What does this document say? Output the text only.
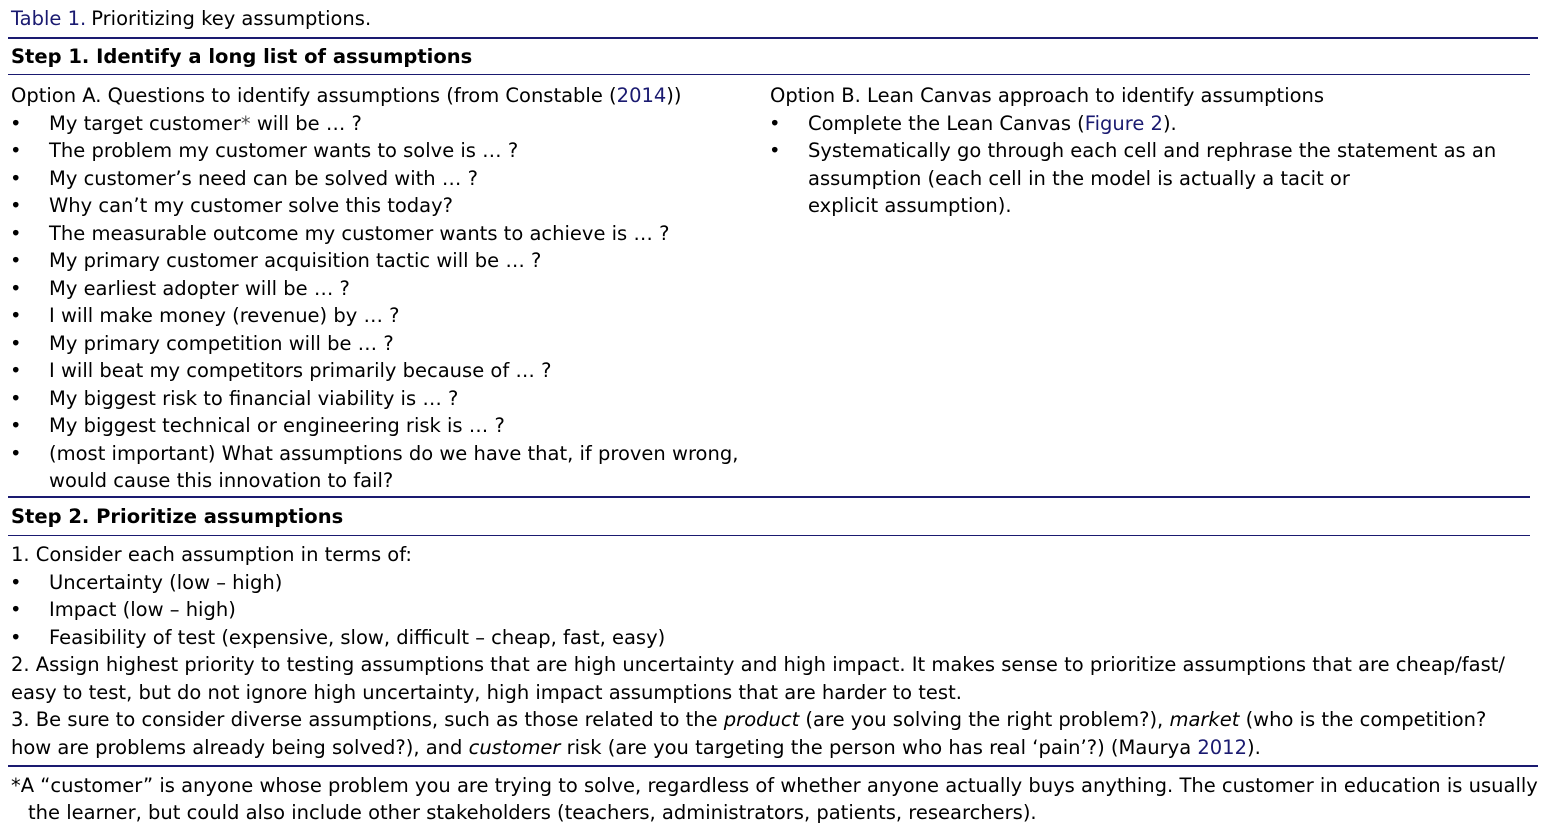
Table 1. Prioritizing key assumptions.
Step 1. Identify a long list of assumptions
Option A. Questions to identify assumptions (from Constable (2014))
• My target customer* will be … ?
• The problem my customer wants to solve is … ?
• My customer’s need can be solved with … ?
• Why can’t my customer solve this today?
• The measurable outcome my customer wants to achieve is … ?
• My primary customer acquisition tactic will be … ?
• My earliest adopter will be … ?
• I will make money (revenue) by … ?
• My primary competition will be … ?
• I will beat my competitors primarily because of … ?
• My biggest risk to financial viability is … ?
• My biggest technical or engineering risk is … ?
• (most important) What assumptions do we have that, if proven wrong,
would cause this innovation to fail?
Option B. Lean Canvas approach to identify assumptions
• Complete the Lean Canvas (Figure 2).
• Systematically go through each cell and rephrase the statement as an
assumption (each cell in the model is actually a tacit or
explicit assumption).
Step 2. Prioritize assumptions
1. Consider each assumption in terms of:
• Uncertainty (low – high)
• Impact (low – high)
• Feasibility of test (expensive, slow, difficult – cheap, fast, easy)
2. Assign highest priority to testing assumptions that are high uncertainty and high impact. It makes sense to prioritize assumptions that are cheap/fast/
easy to test, but do not ignore high uncertainty, high impact assumptions that are harder to test.
3. Be sure to consider diverse assumptions, such as those related to the product (are you solving the right problem?), market (who is the competition?
how are problems already being solved?), and customer risk (are you targeting the person who has real ‘pain’?) (Maurya 2012).
*A “customer” is anyone whose problem you are trying to solve, regardless of whether anyone actually buys anything. The customer in education is usually
the learner, but could also include other stakeholders (teachers, administrators, patients, researchers).
